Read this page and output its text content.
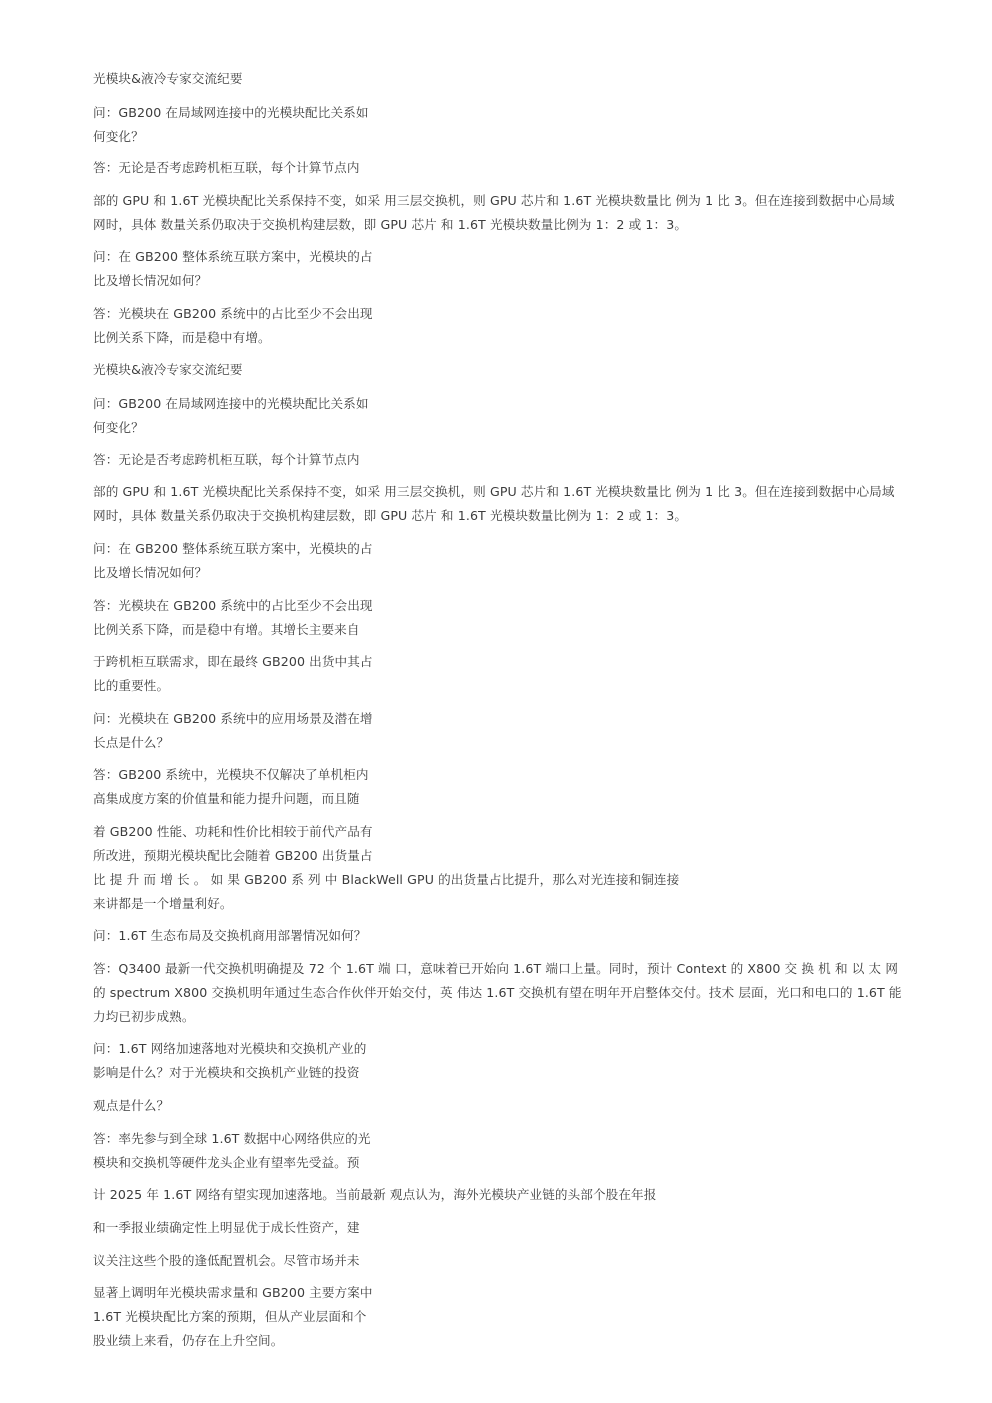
光模块&液冷专家交流纪要
问：GB200 在局域网连接中的光模块配比关系如
何变化？
答：无论是否考虑跨机柜互联，每个计算节点内
部的 GPU 和 1.6T 光模块配比关系保持不变，如采 用三层交换机，则 GPU 芯片和 1.6T 光模块数量比 例为 1 比 3。但在连接到数据中心局域
网时，具体 数量关系仍取决于交换机构建层数，即 GPU 芯片 和 1.6T 光模块数量比例为 1：2 或 1：3。
问：在 GB200 整体系统互联方案中，光模块的占
比及增长情况如何？
答：光模块在 GB200 系统中的占比至少不会出现
比例关系下降，而是稳中有增。
光模块&液冷专家交流纪要
问：GB200 在局域网连接中的光模块配比关系如
何变化？
答：无论是否考虑跨机柜互联，每个计算节点内
部的 GPU 和 1.6T 光模块配比关系保持不变，如采 用三层交换机，则 GPU 芯片和 1.6T 光模块数量比 例为 1 比 3。但在连接到数据中心局域
网时，具体 数量关系仍取决于交换机构建层数，即 GPU 芯片 和 1.6T 光模块数量比例为 1：2 或 1：3。
问：在 GB200 整体系统互联方案中，光模块的占
比及增长情况如何？
答：光模块在 GB200 系统中的占比至少不会出现
比例关系下降，而是稳中有增。其增长主要来自
于跨机柜互联需求，即在最终 GB200 出货中其占
比的重要性。
问：光模块在 GB200 系统中的应用场景及潜在增
长点是什么？
答：GB200 系统中，光模块不仅解决了单机柜内
高集成度方案的价值量和能力提升问题，而且随
着 GB200 性能、功耗和性价比相较于前代产品有
所改进，预期光模块配比会随着 GB200 出货量占
比 提 升 而 增 长 。 如 果 GB200 系 列 中 BlackWell GPU 的出货量占比提升，那么对光连接和铜连接
来讲都是一个增量利好。
问：1.6T 生态布局及交换机商用部署情况如何？
答：Q3400 最新一代交换机明确提及 72 个 1.6T 端 口，意味着已开始向 1.6T 端口上量。同时，预计 Context 的 X800 交 换 机 和 以 太 网
的 spectrum X800 交换机明年通过生态合作伙伴开始交付，英 伟达 1.6T 交换机有望在明年开启整体交付。技术 层面，光口和电口的 1.6T 能
力均已初步成熟。
问：1.6T 网络加速落地对光模块和交换机产业的
影响是什么？对于光模块和交换机产业链的投资
观点是什么？
答：率先参与到全球 1.6T 数据中心网络供应的光
模块和交换机等硬件龙头企业有望率先受益。预
计 2025 年 1.6T 网络有望实现加速落地。当前最新 观点认为，海外光模块产业链的头部个股在年报
和一季报业绩确定性上明显优于成长性资产，建
议关注这些个股的逢低配置机会。尽管市场并未
显著上调明年光模块需求量和 GB200 主要方案中
1.6T 光模块配比方案的预期，但从产业层面和个
股业绩上来看，仍存在上升空间。
